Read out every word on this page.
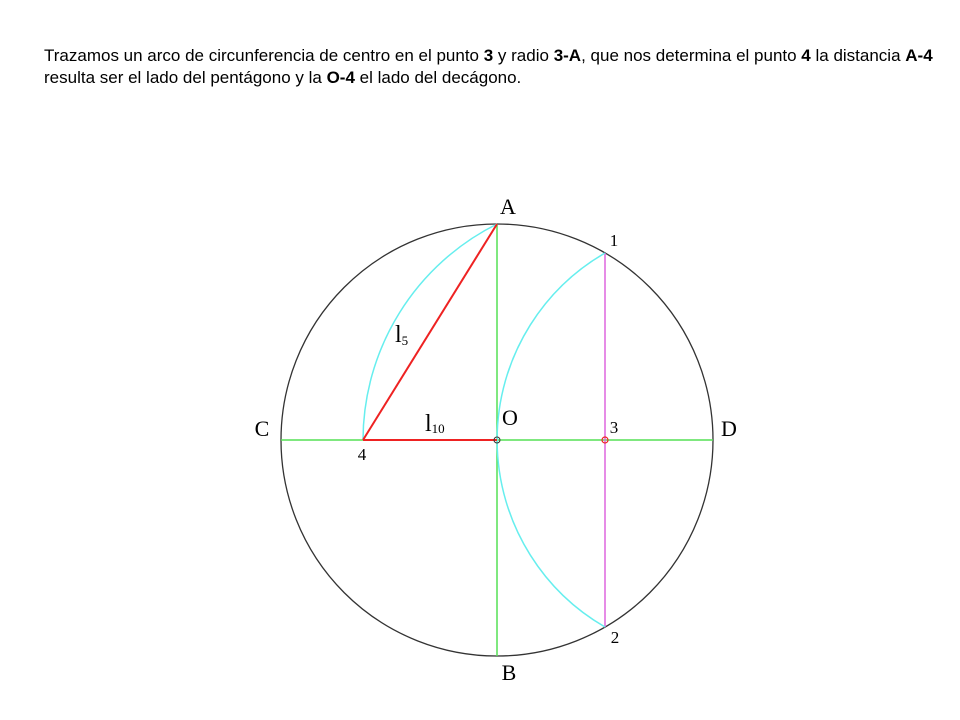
Trazamos un arco de circunferencia de centro en el punto 3 y radio 3-A, que nos determina el punto 4 la distancia A-4 resulta ser el lado del pentágono y la O-4 el lado del decágono.
A
B
C	D
O
1
2
3
4
l5
l10
